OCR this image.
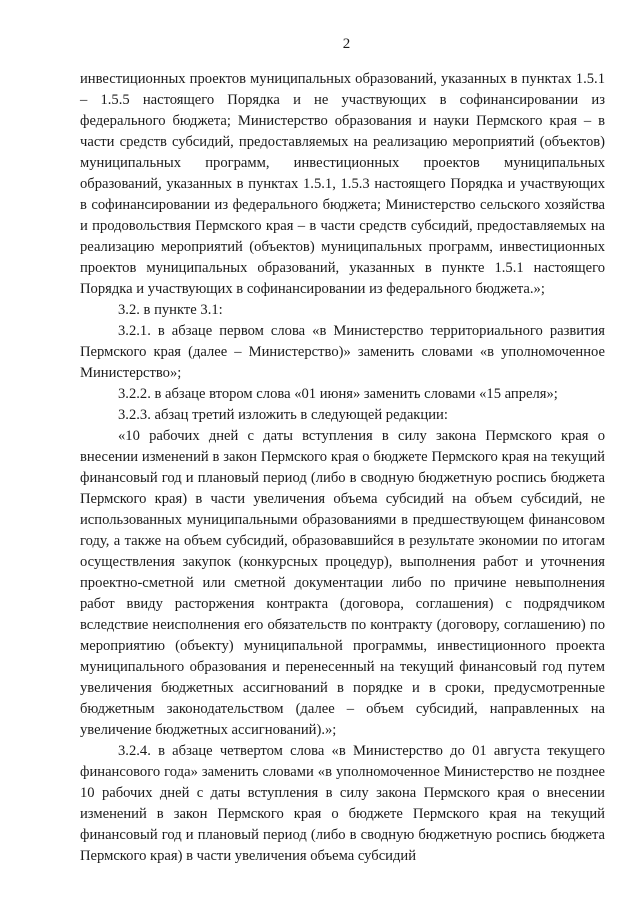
2

инвестиционных проектов муниципальных образований, указанных в пунктах 1.5.1 – 1.5.5 настоящего Порядка и не участвующих в софинансировании из федерального бюджета; Министерство образования и науки Пермского края – в части средств субсидий, предоставляемых на реализацию мероприятий (объектов) муниципальных программ, инвестиционных проектов муниципальных образований, указанных в пунктах 1.5.1, 1.5.3 настоящего Порядка и участвующих в софинансировании из федерального бюджета; Министерство сельского хозяйства и продовольствия Пермского края – в части средств субсидий, предоставляемых на реализацию мероприятий (объектов) муниципальных программ, инвестиционных проектов муниципальных образований, указанных в пункте 1.5.1 настоящего Порядка и участвующих в софинансировании из федерального бюджета.»;

3.2. в пункте 3.1:

3.2.1. в абзаце первом слова «в Министерство территориального развития Пермского края (далее – Министерство)» заменить словами «в уполномоченное Министерство»;

3.2.2. в абзаце втором слова «01 июня» заменить словами «15 апреля»;

3.2.3. абзац третий изложить в следующей редакции:

«10 рабочих дней с даты вступления в силу закона Пермского края о внесении изменений в закон Пермского края о бюджете Пермского края на текущий финансовый год и плановый период (либо в сводную бюджетную роспись бюджета Пермского края) в части увеличения объема субсидий на объем субсидий, не использованных муниципальными образованиями в предшествующем финансовом году, а также на объем субсидий, образовавшийся в результате экономии по итогам осуществления закупок (конкурсных процедур), выполнения работ и уточнения проектно-сметной или сметной документации либо по причине невыполнения работ ввиду расторжения контракта (договора, соглашения) с подрядчиком вследствие неисполнения его обязательств по контракту (договору, соглашению) по мероприятию (объекту) муниципальной программы, инвестиционного проекта муниципального образования и перенесенный на текущий финансовый год путем увеличения бюджетных ассигнований в порядке и в сроки, предусмотренные бюджетным законодательством (далее – объем субсидий, направленных на увеличение бюджетных ассигнований).»;

3.2.4. в абзаце четвертом слова «в Министерство до 01 августа текущего финансового года» заменить словами «в уполномоченное Министерство не позднее 10 рабочих дней с даты вступления в силу закона Пермского края о внесении изменений в закон Пермского края о бюджете Пермского края на текущий финансовый год и плановый период (либо в сводную бюджетную роспись бюджета Пермского края) в части увеличения объема субсидий
